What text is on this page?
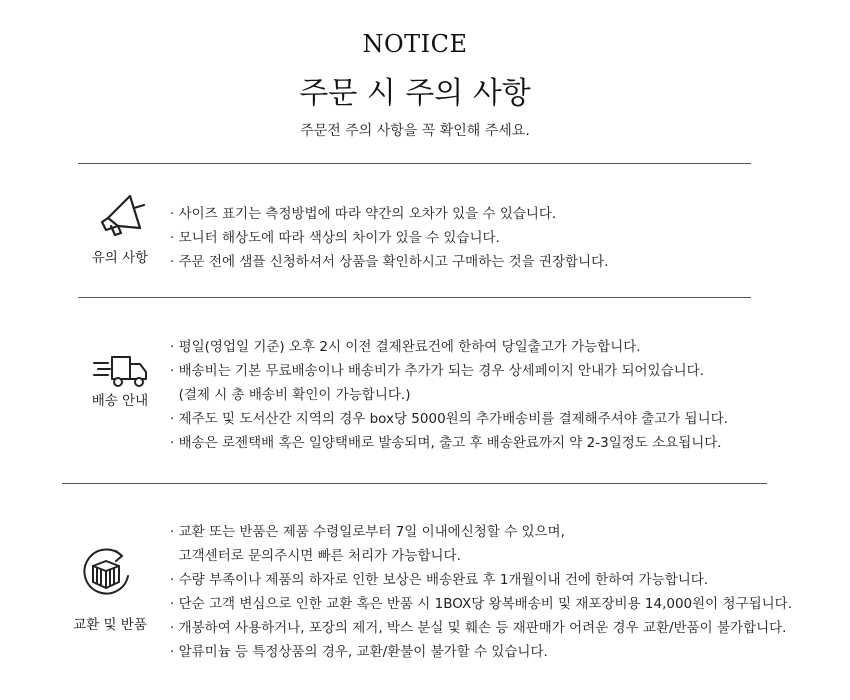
NOTICE
주문 시 주의 사항
주문전 주의 사항을 꼭 확인해 주세요.
유의 사항
· 사이즈 표기는 측정방법에 따라 약간의 오차가 있을 수 있습니다.
· 모니터 해상도에 따라 색상의 차이가 있을 수 있습니다.
· 주문 전에 샘플 신청하셔서 상품을 확인하시고 구매하는 것을 권장합니다.
배송 안내
· 평일(영업일 기준) 오후 2시 이전 결제완료건에 한하여 당일출고가 가능합니다.
· 배송비는 기본 무료배송이나 배송비가 추가가 되는 경우 상세페이지 안내가 되어있습니다.
(결제 시 총 배송비 확인이 가능합니다.)
· 제주도 및 도서산간 지역의 경우 box당 5000원의 추가배송비를 결제해주셔야 출고가 됩니다.
· 배송은 로젠택배 혹은 일양택배로 발송되며, 출고 후 배송완료까지 약 2-3일정도 소요됩니다.
교환 및 반품
· 교환 또는 반품은 제품 수령일로부터 7일 이내에신청할 수 있으며,
고객센터로 문의주시면 빠른 처리가 가능합니다.
· 수량 부족이나 제품의 하자로 인한 보상은 배송완료 후 1개월이내 건에 한하여 가능합니다.
· 단순 고객 변심으로 인한 교환 혹은 반품 시 1BOX당 왕복배송비 및 재포장비용 14,000원이 청구됩니다.
· 개봉하여 사용하거나, 포장의 제거, 박스 분실 및 훼손 등 재판매가 어려운 경우 교환/반품이 불가합니다.
· 알류미늄 등 특정상품의 경우, 교환/환불이 불가할 수 있습니다.
